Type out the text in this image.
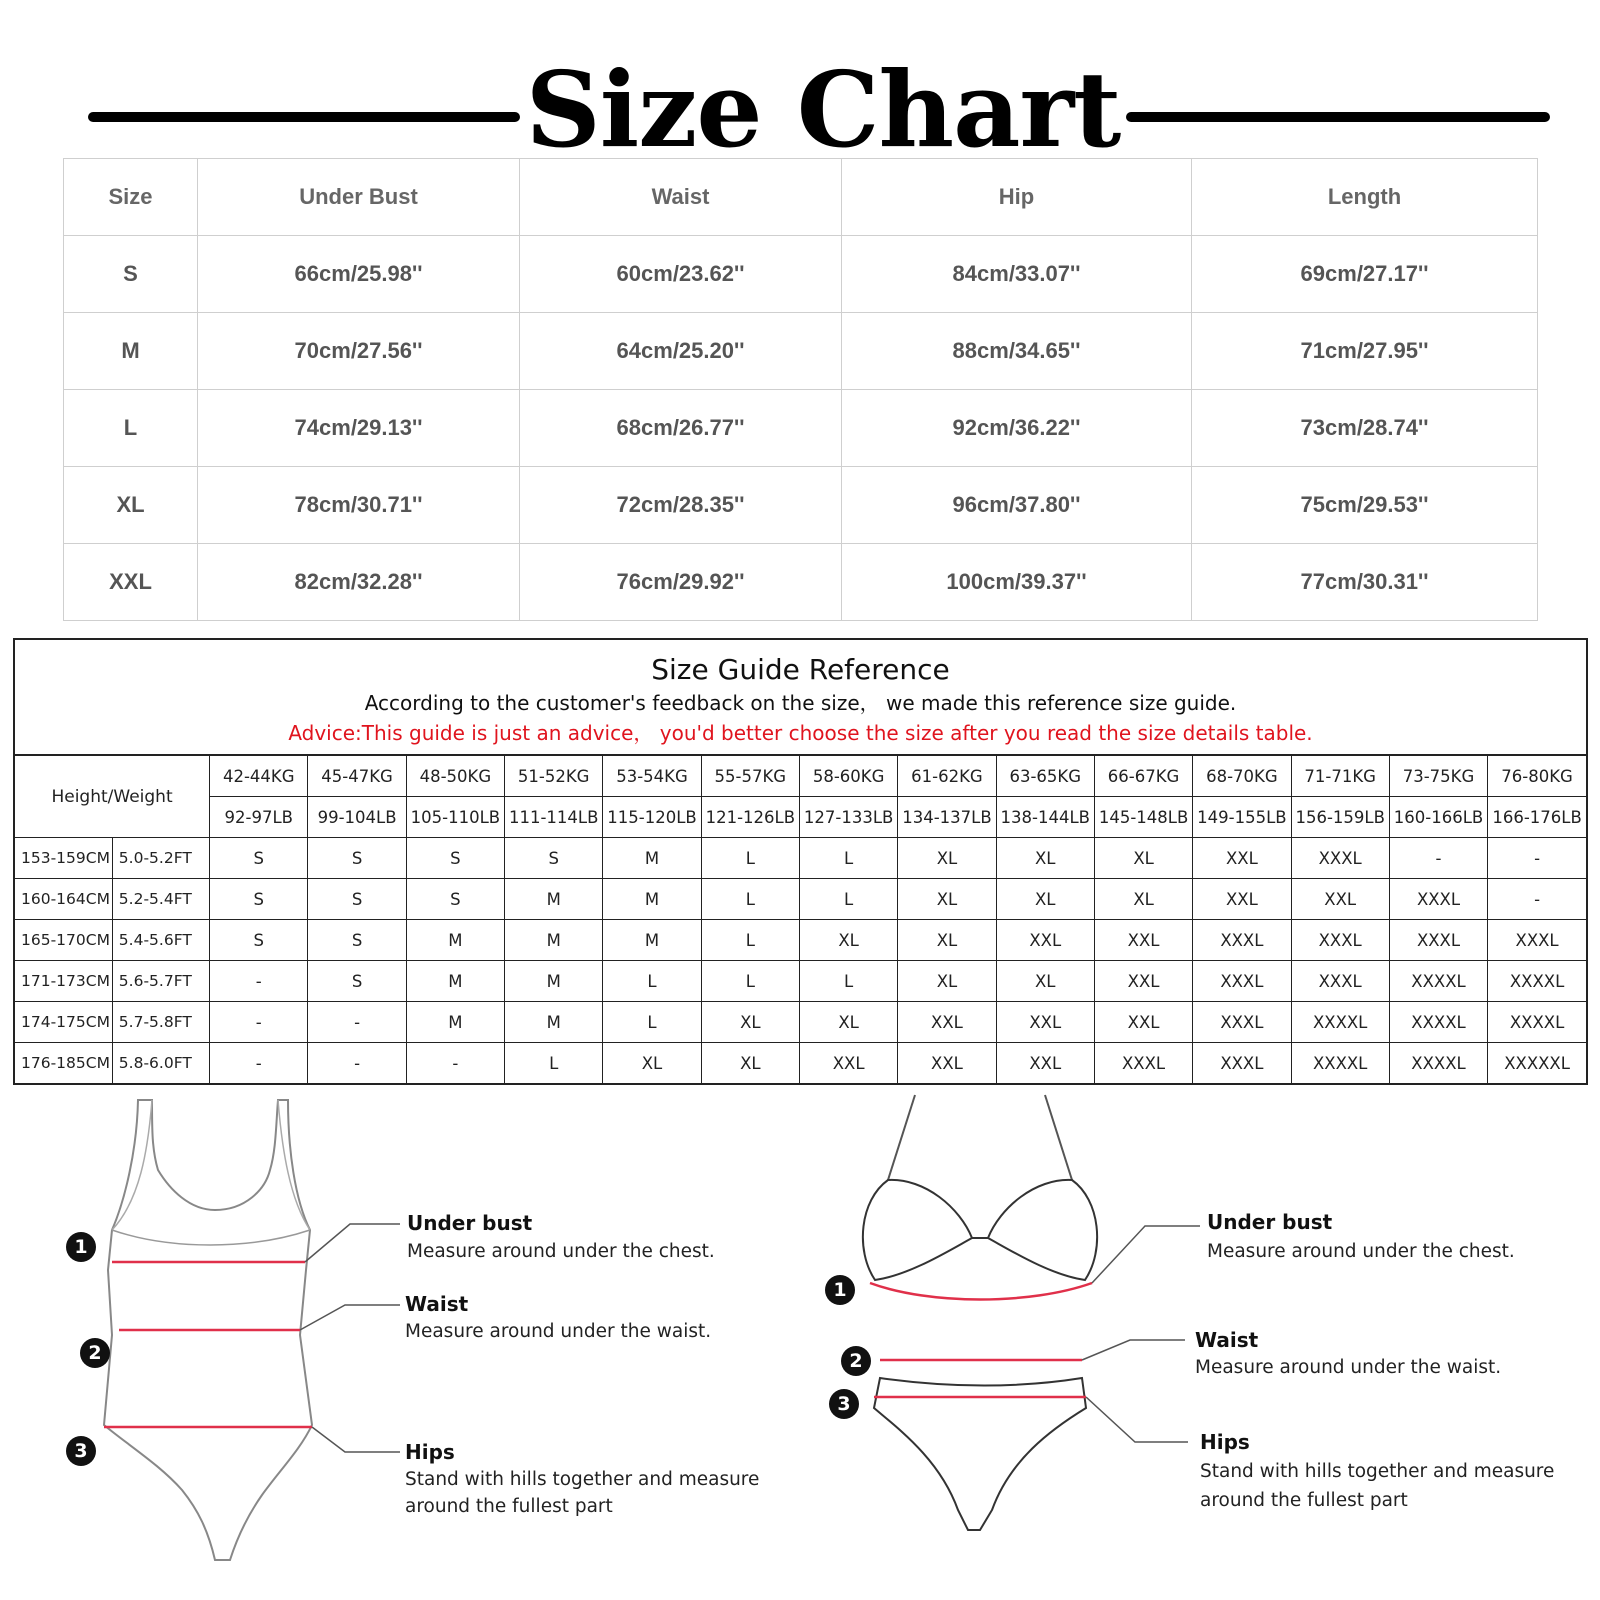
Size Chart
Size	Under Bust	Waist	Hip	Length
S	66cm/25.98''	60cm/23.62''	84cm/33.07''	69cm/27.17''
M	70cm/27.56''	64cm/25.20''	88cm/34.65''	71cm/27.95''
L	74cm/29.13''	68cm/26.77''	92cm/36.22''	73cm/28.74''
XL	78cm/30.71''	72cm/28.35''	96cm/37.80''	75cm/29.53''
XXL	82cm/32.28''	76cm/29.92''	100cm/39.37''	77cm/30.31''
Size Guide Reference
According to the customer's feedback on the size， we made this reference size guide.
Advice:This guide is just an advice， you'd better choose the size after you read the size details table.
Height/Weight		42-44KG	45-47KG	48-50KG	51-52KG	53-54KG	55-57KG	58-60KG	61-62KG	63-65KG	66-67KG	68-70KG	71-71KG	73-75KG	76-80KG
		92-97LB	99-104LB	105-110LB	111-114LB	115-120LB	121-126LB	127-133LB	134-137LB	138-144LB	145-148LB	149-155LB	156-159LB	160-166LB	166-176LB
153-159CM	5.0-5.2FT	S	S	S	S	M	L	L	XL	XL	XL	XXL	XXXL	-	-
160-164CM	5.2-5.4FT	S	S	S	M	M	L	L	XL	XL	XL	XXL	XXL	XXXL	-
165-170CM	5.4-5.6FT	S	S	M	M	M	L	XL	XL	XXL	XXL	XXXL	XXXL	XXXL	XXXL
171-173CM	5.6-5.7FT	-	S	M	M	L	L	L	XL	XL	XXL	XXXL	XXXL	XXXXL	XXXXL
174-175CM	5.7-5.8FT	-	-	M	M	L	XL	XL	XXL	XXL	XXL	XXXL	XXXXL	XXXXL	XXXXL
176-185CM	5.8-6.0FT	-	-	-	L	XL	XL	XXL	XXL	XXL	XXXL	XXXL	XXXXL	XXXXL	XXXXXL
1
2
3
Under bust
Measure around under the chest.
Waist
Measure around under the waist.
Hips
Stand with hills together and measure
around the fullest part
1
2
3
Under bust
Measure around under the chest.
Waist
Measure around under the waist.
Hips
Stand with hills together and measure
around the fullest part
